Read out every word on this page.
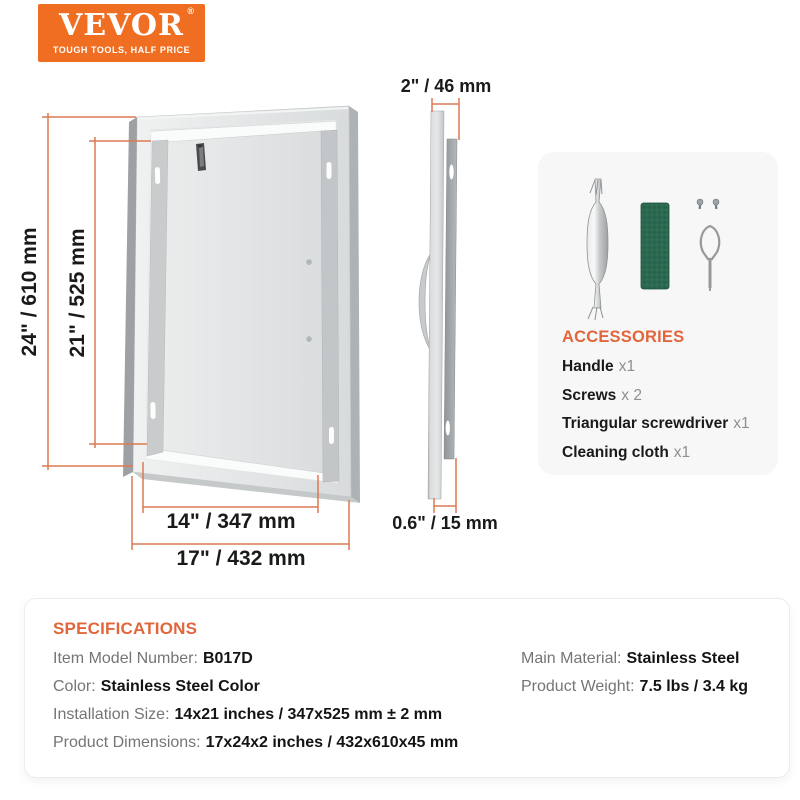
VEVOR ®
TOUGH TOOLS, HALF PRICE
24" / 610 mm 21" / 525 mm
14" / 347 mm
17" / 432 mm
2" / 46 mm
0.6" / 15 mm
ACCESSORIES
Handle x1
Screws x 2
Triangular screwdriver x1
Cleaning cloth x1
SPECIFICATIONS
Item Model Number: B017D
Color: Stainless Steel Color
Installation Size: 14x21 inches / 347x525 mm ± 2 mm
Product Dimensions: 17x24x2 inches / 432x610x45 mm
Main Material: Stainless Steel
Product Weight: 7.5 lbs / 3.4 kg
